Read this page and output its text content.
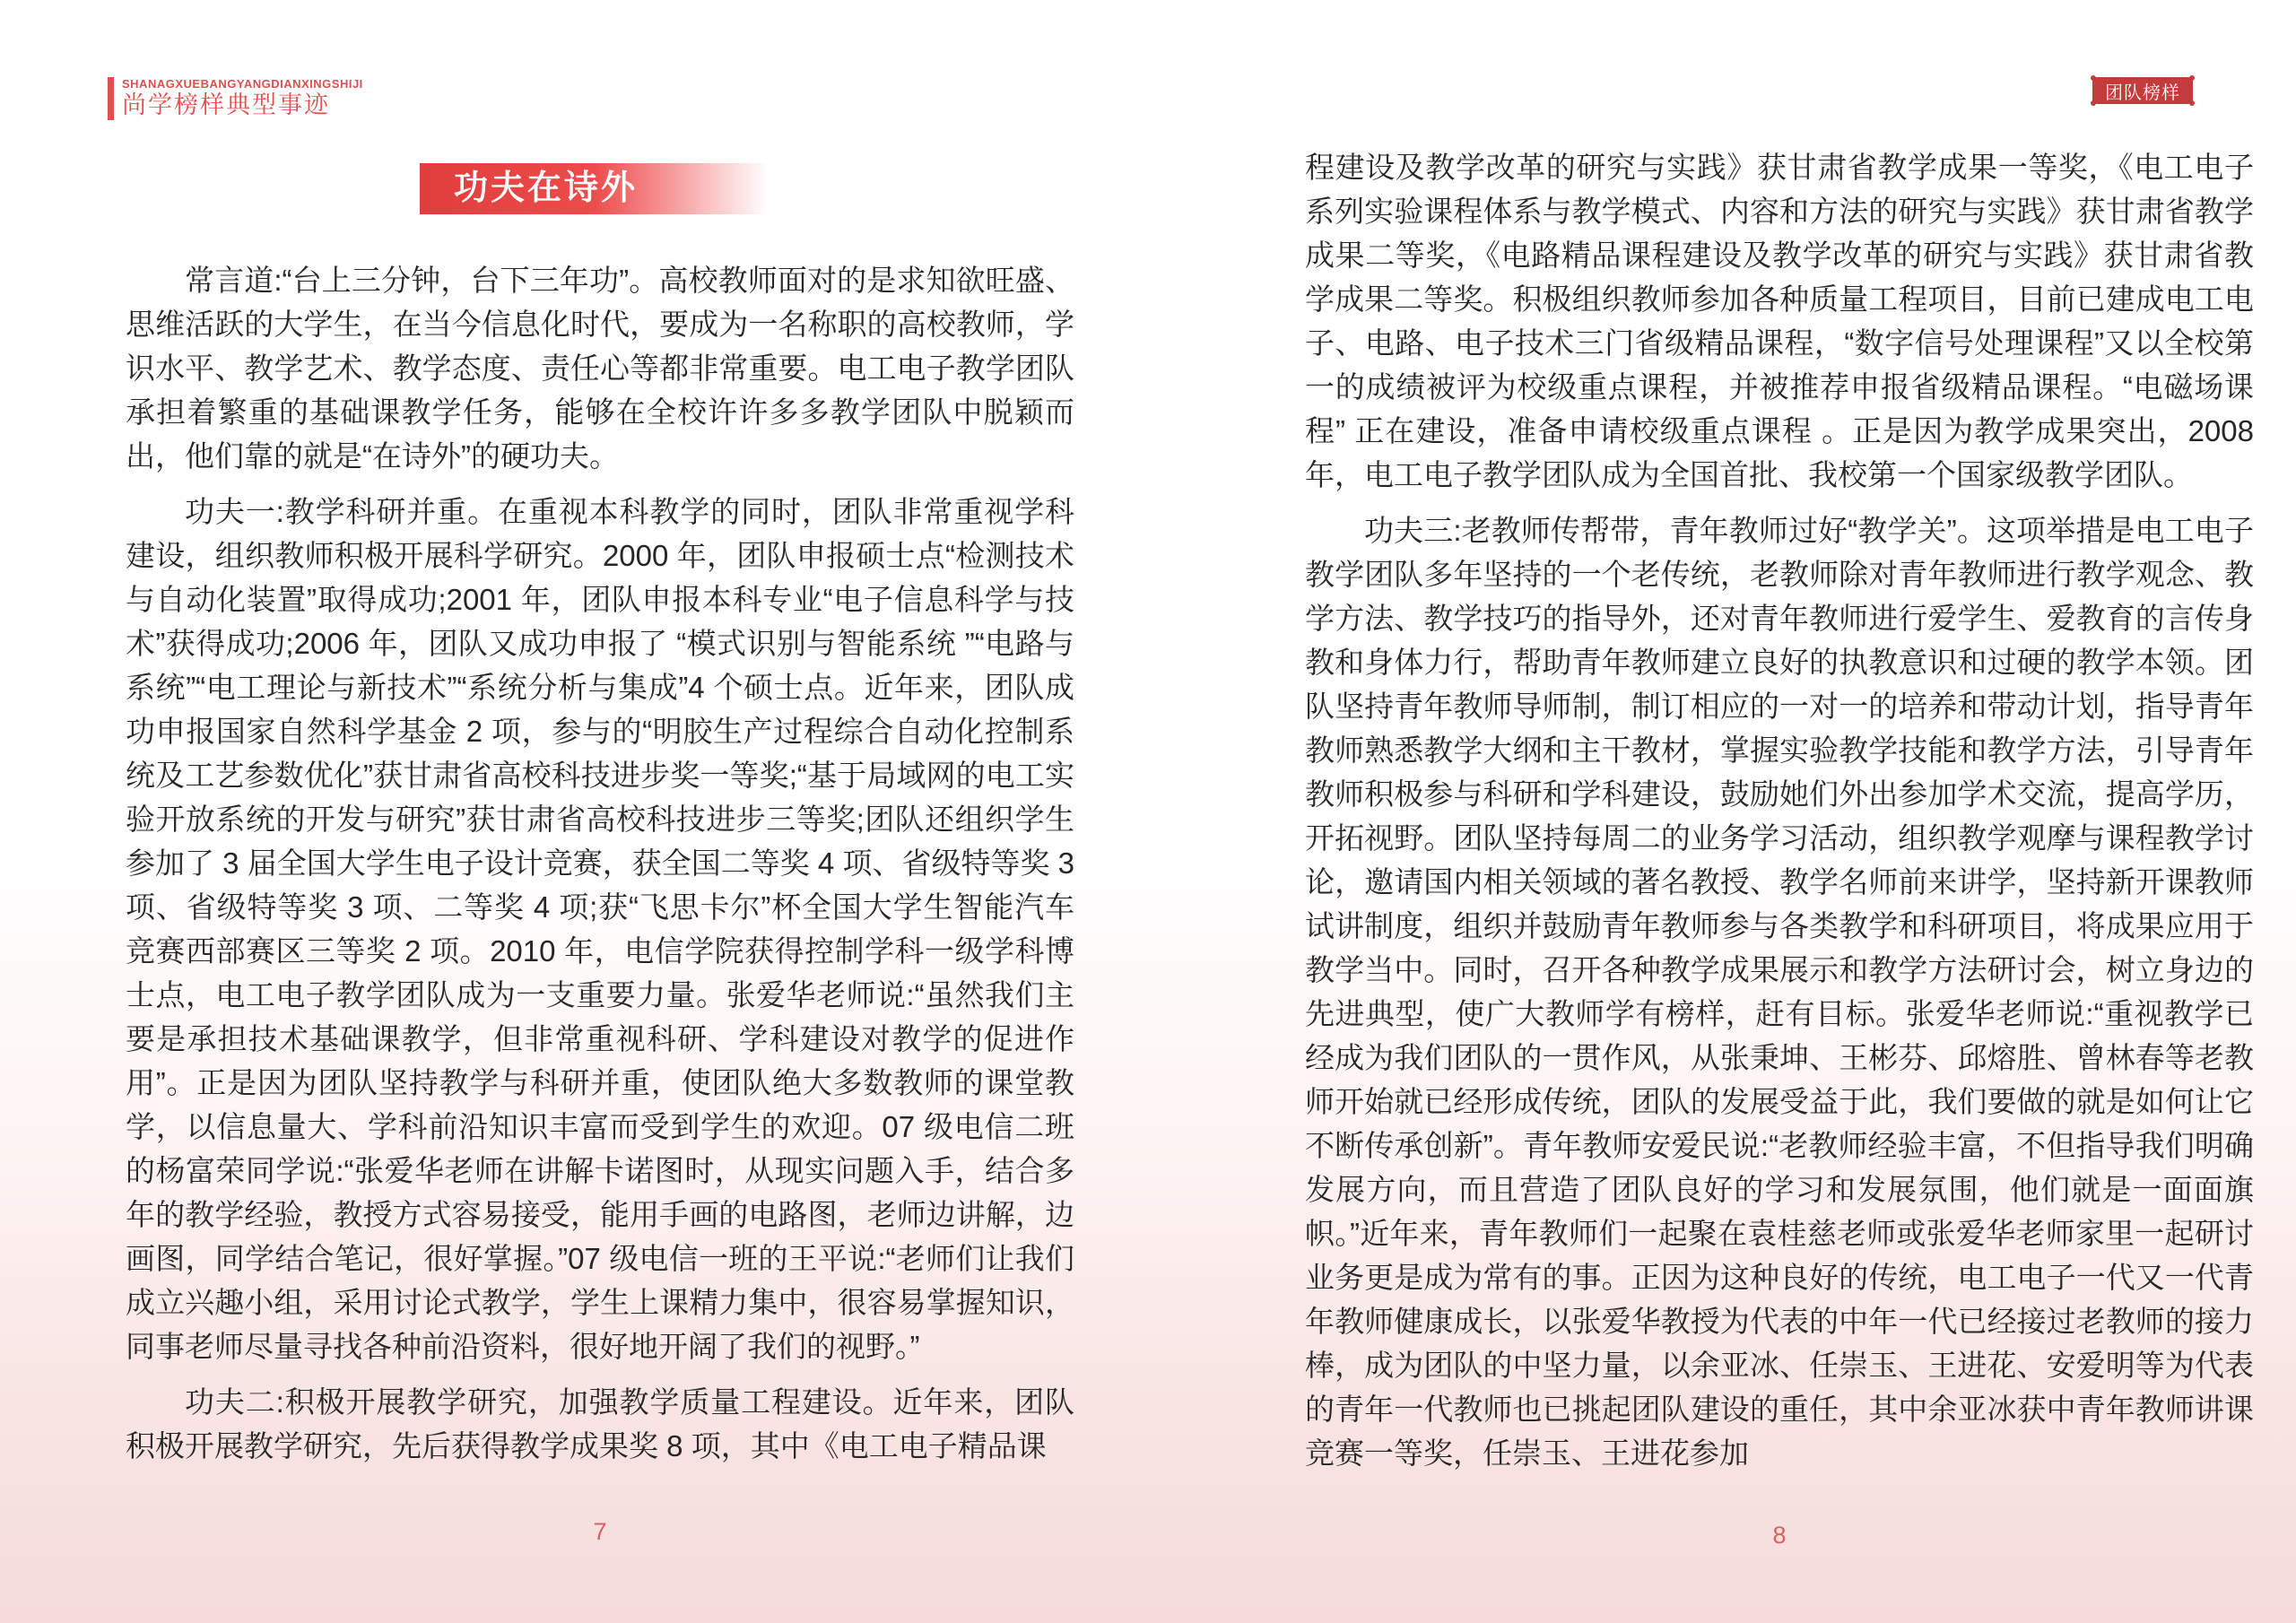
SHANAGXUEBANGYANGDIANXINGSHIJI
尚学榜样典型事迹
功夫在诗外

常言道:“台上三分钟，台下三年功”。高校教师面对的是求知欲旺盛、思维活跃的大学生，在当今信息化时代，要成为一名称职的高校教师，学识水平、教学艺术、教学态度、责任心等都非常重要。电工电子教学团队承担着繁重的基础课教学任务，能够在全校许许多多教学团队中脱颖而出，他们靠的就是“在诗外”的硬功夫。

功夫一:教学科研并重。在重视本科教学的同时，团队非常重视学科建设，组织教师积极开展科学研究。2000 年，团队申报硕士点“检测技术与自动化装置”取得成功;2001 年，团队申报本科专业“电子信息科学与技术”获得成功;2006 年，团队又成功申报了 “模式识别与智能系统 ”“电路与系统”“电工理论与新技术”“系统分析与集成”4 个硕士点。近年来，团队成功申报国家自然科学基金 2 项，参与的“明胶生产过程综合自动化控制系统及工艺参数优化”获甘肃省高校科技进步奖一等奖;“基于局域网的电工实验开放系统的开发与研究”获甘肃省高校科技进步三等奖;团队还组织学生参加了 3 届全国大学生电子设计竞赛，获全国二等奖 4 项、省级特等奖 3 项、省级特等奖 3 项、二等奖 4 项;获“飞思卡尔”杯全国大学生智能汽车竞赛西部赛区三等奖 2 项。2010 年，电信学院获得控制学科一级学科博士点，电工电子教学团队成为一支重要力量。张爱华老师说:“虽然我们主要是承担技术基础课教学，但非常重视科研、学科建设对教学的促进作用”。正是因为团队坚持教学与科研并重，使团队绝大多数教师的课堂教学，以信息量大、学科前沿知识丰富而受到学生的欢迎。07 级电信二班的杨富荣同学说:“张爱华老师在讲解卡诺图时，从现实问题入手，结合多年的教学经验，教授方式容易接受，能用手画的电路图，老师边讲解，边画图，同学结合笔记，很好掌握。”07 级电信一班的王平说:“老师们让我们成立兴趣小组，采用讨论式教学，学生上课精力集中，很容易掌握知识，同事老师尽量寻找各种前沿资料，很好地开阔了我们的视野。”

功夫二:积极开展教学研究，加强教学质量工程建设。近年来，团队积极开展教学研究，先后获得教学成果奖 8 项，其中《电工电子精品课

7
团队榜样

程建设及教学改革的研究与实践》获甘肃省教学成果一等奖，《电工电子系列实验课程体系与教学模式、内容和方法的研究与实践》获甘肃省教学成果二等奖，《电路精品课程建设及教学改革的研究与实践》获甘肃省教学成果二等奖。积极组织教师参加各种质量工程项目，目前已建成电工电子、电路、电子技术三门省级精品课程，“数字信号处理课程”又以全校第一的成绩被评为校级重点课程，并被推荐申报省级精品课程。“电磁场课程” 正在建设，准备申请校级重点课程 。正是因为教学成果突出，2008 年，电工电子教学团队成为全国首批、我校第一个国家级教学团队。

功夫三:老教师传帮带，青年教师过好“教学关”。这项举措是电工电子教学团队多年坚持的一个老传统，老教师除对青年教师进行教学观念、教学方法、教学技巧的指导外，还对青年教师进行爱学生、爱教育的言传身教和身体力行，帮助青年教师建立良好的执教意识和过硬的教学本领。团队坚持青年教师导师制，制订相应的一对一的培养和带动计划，指导青年教师熟悉教学大纲和主干教材，掌握实验教学技能和教学方法，引导青年教师积极参与科研和学科建设，鼓励她们外出参加学术交流，提高学历，开拓视野。团队坚持每周二的业务学习活动，组织教学观摩与课程教学讨论，邀请国内相关领域的著名教授、教学名师前来讲学，坚持新开课教师试讲制度，组织并鼓励青年教师参与各类教学和科研项目，将成果应用于教学当中。同时，召开各种教学成果展示和教学方法研讨会，树立身边的先进典型，使广大教师学有榜样，赶有目标。张爱华老师说:“重视教学已经成为我们团队的一贯作风，从张秉坤、王彬芬、邱熔胜、曾林春等老教师开始就已经形成传统，团队的发展受益于此，我们要做的就是如何让它不断传承创新”。青年教师安爱民说:“老教师经验丰富，不但指导我们明确发展方向，而且营造了团队良好的学习和发展氛围，他们就是一面面旗帜。”近年来，青年教师们一起聚在袁桂慈老师或张爱华老师家里一起研讨业务更是成为常有的事。正因为这种良好的传统，电工电子一代又一代青年教师健康成长，以张爱华教授为代表的中年一代已经接过老教师的接力棒，成为团队的中坚力量，以余亚冰、任崇玉、王进花、安爱明等为代表的青年一代教师也已挑起团队建设的重任，其中余亚冰获中青年教师讲课竞赛一等奖，任崇玉、王进花参加

8
